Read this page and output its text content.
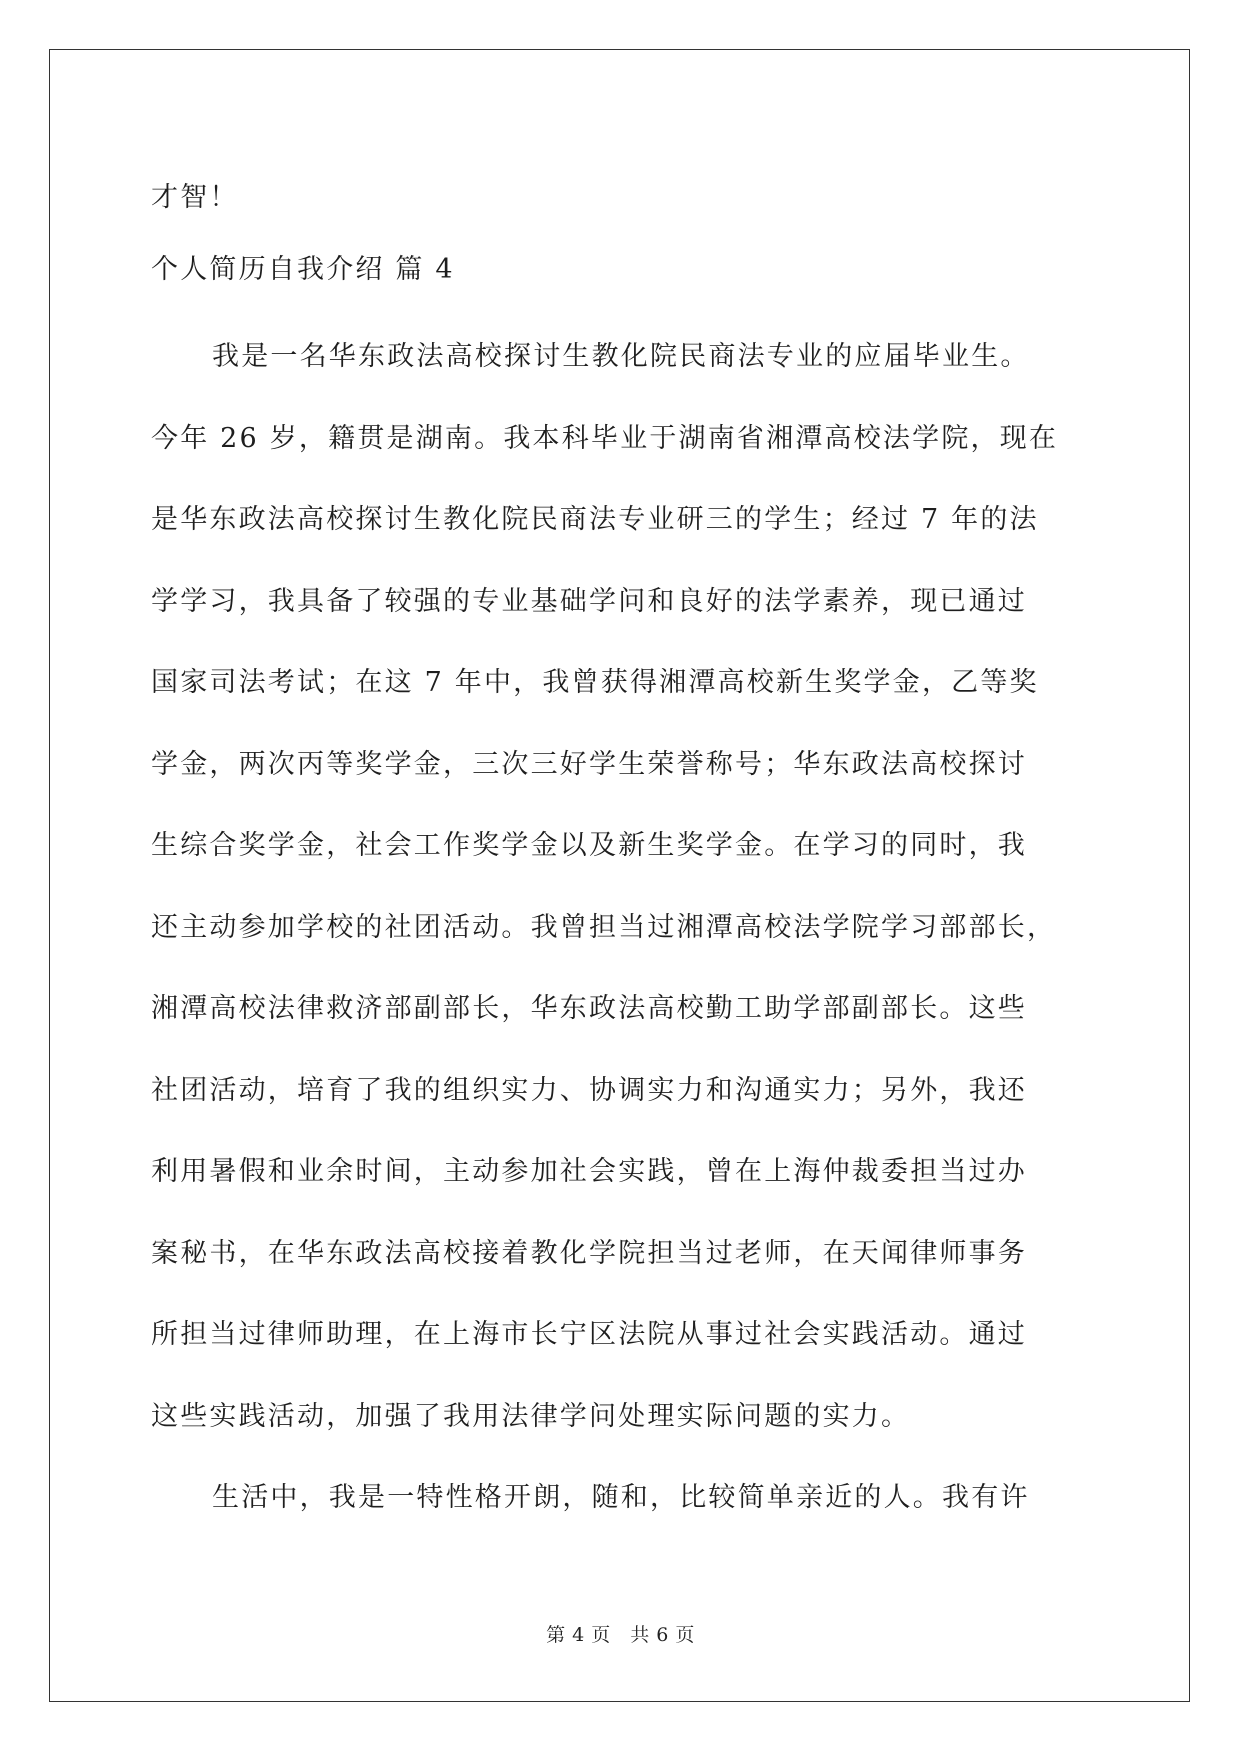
才智！
个人简历自我介绍 篇 4
我是一名华东政法高校探讨生教化院民商法专业的应届毕业生。
今年 26 岁，籍贯是湖南。我本科毕业于湖南省湘潭高校法学院，现在
是华东政法高校探讨生教化院民商法专业研三的学生；经过 7 年的法
学学习，我具备了较强的专业基础学问和良好的法学素养，现已通过
国家司法考试；在这 7 年中，我曾获得湘潭高校新生奖学金，乙等奖
学金，两次丙等奖学金，三次三好学生荣誉称号；华东政法高校探讨
生综合奖学金，社会工作奖学金以及新生奖学金。在学习的同时，我
还主动参加学校的社团活动。我曾担当过湘潭高校法学院学习部部长，
湘潭高校法律救济部副部长，华东政法高校勤工助学部副部长。这些
社团活动，培育了我的组织实力、协调实力和沟通实力；另外，我还
利用暑假和业余时间，主动参加社会实践，曾在上海仲裁委担当过办
案秘书，在华东政法高校接着教化学院担当过老师，在天闻律师事务
所担当过律师助理，在上海市长宁区法院从事过社会实践活动。通过
这些实践活动，加强了我用法律学问处理实际问题的实力。
生活中，我是一特性格开朗，随和，比较简单亲近的人。我有许
第 4 页　共 6 页
